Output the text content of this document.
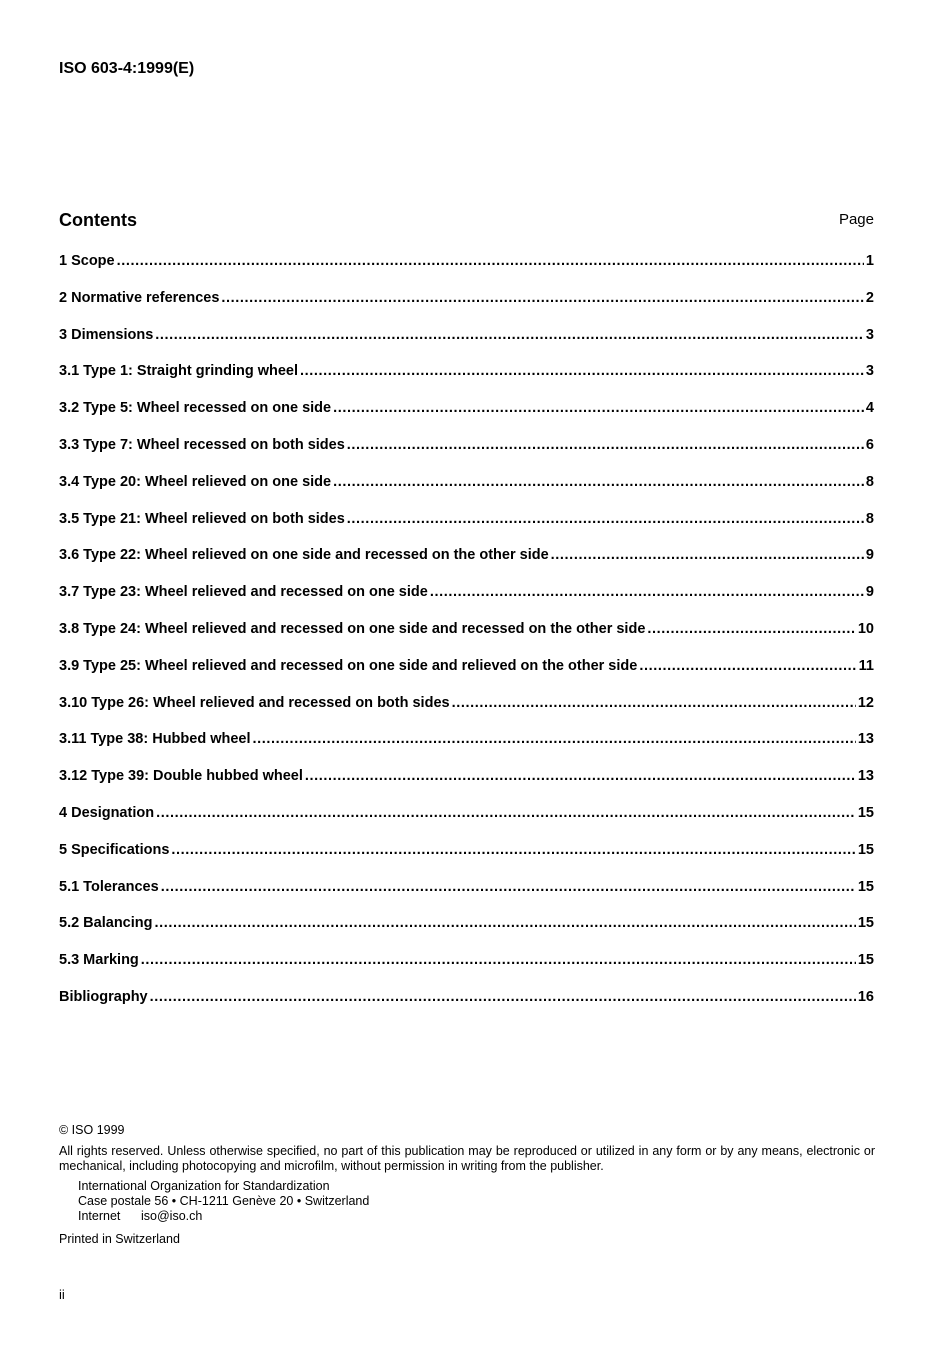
ISO 603-4:1999(E)
Contents	Page
1 Scope .....	1
2 Normative references .....	2
3 Dimensions .....	3
3.1 Type 1: Straight grinding wheel .....	3
3.2 Type 5: Wheel recessed on one side .....	4
3.3 Type 7: Wheel recessed on both sides .....	6
3.4 Type 20: Wheel relieved on one side .....	8
3.5 Type 21: Wheel relieved on both sides .....	8
3.6 Type 22: Wheel relieved on one side and recessed on the other side .....	9
3.7 Type 23: Wheel relieved and recessed on one side .....	9
3.8 Type 24: Wheel relieved and recessed on one side and recessed on the other side .....	10
3.9 Type 25: Wheel relieved and recessed on one side and relieved on the other side .....	11
3.10 Type 26: Wheel relieved and recessed on both sides .....	12
3.11 Type 38: Hubbed wheel .....	13
3.12 Type 39: Double hubbed wheel .....	13
4 Designation .....	15
5 Specifications .....	15
5.1 Tolerances .....	15
5.2 Balancing .....	15
5.3 Marking .....	15
Bibliography .....	16
© ISO 1999
All rights reserved. Unless otherwise specified, no part of this publication may be reproduced or utilized in any form or by any means, electronic or mechanical, including photocopying and microfilm, without permission in writing from the publisher.
International Organization for Standardization
Case postale 56 • CH-1211 Genève 20 • Switzerland
Internet iso@iso.ch
Printed in Switzerland
ii
